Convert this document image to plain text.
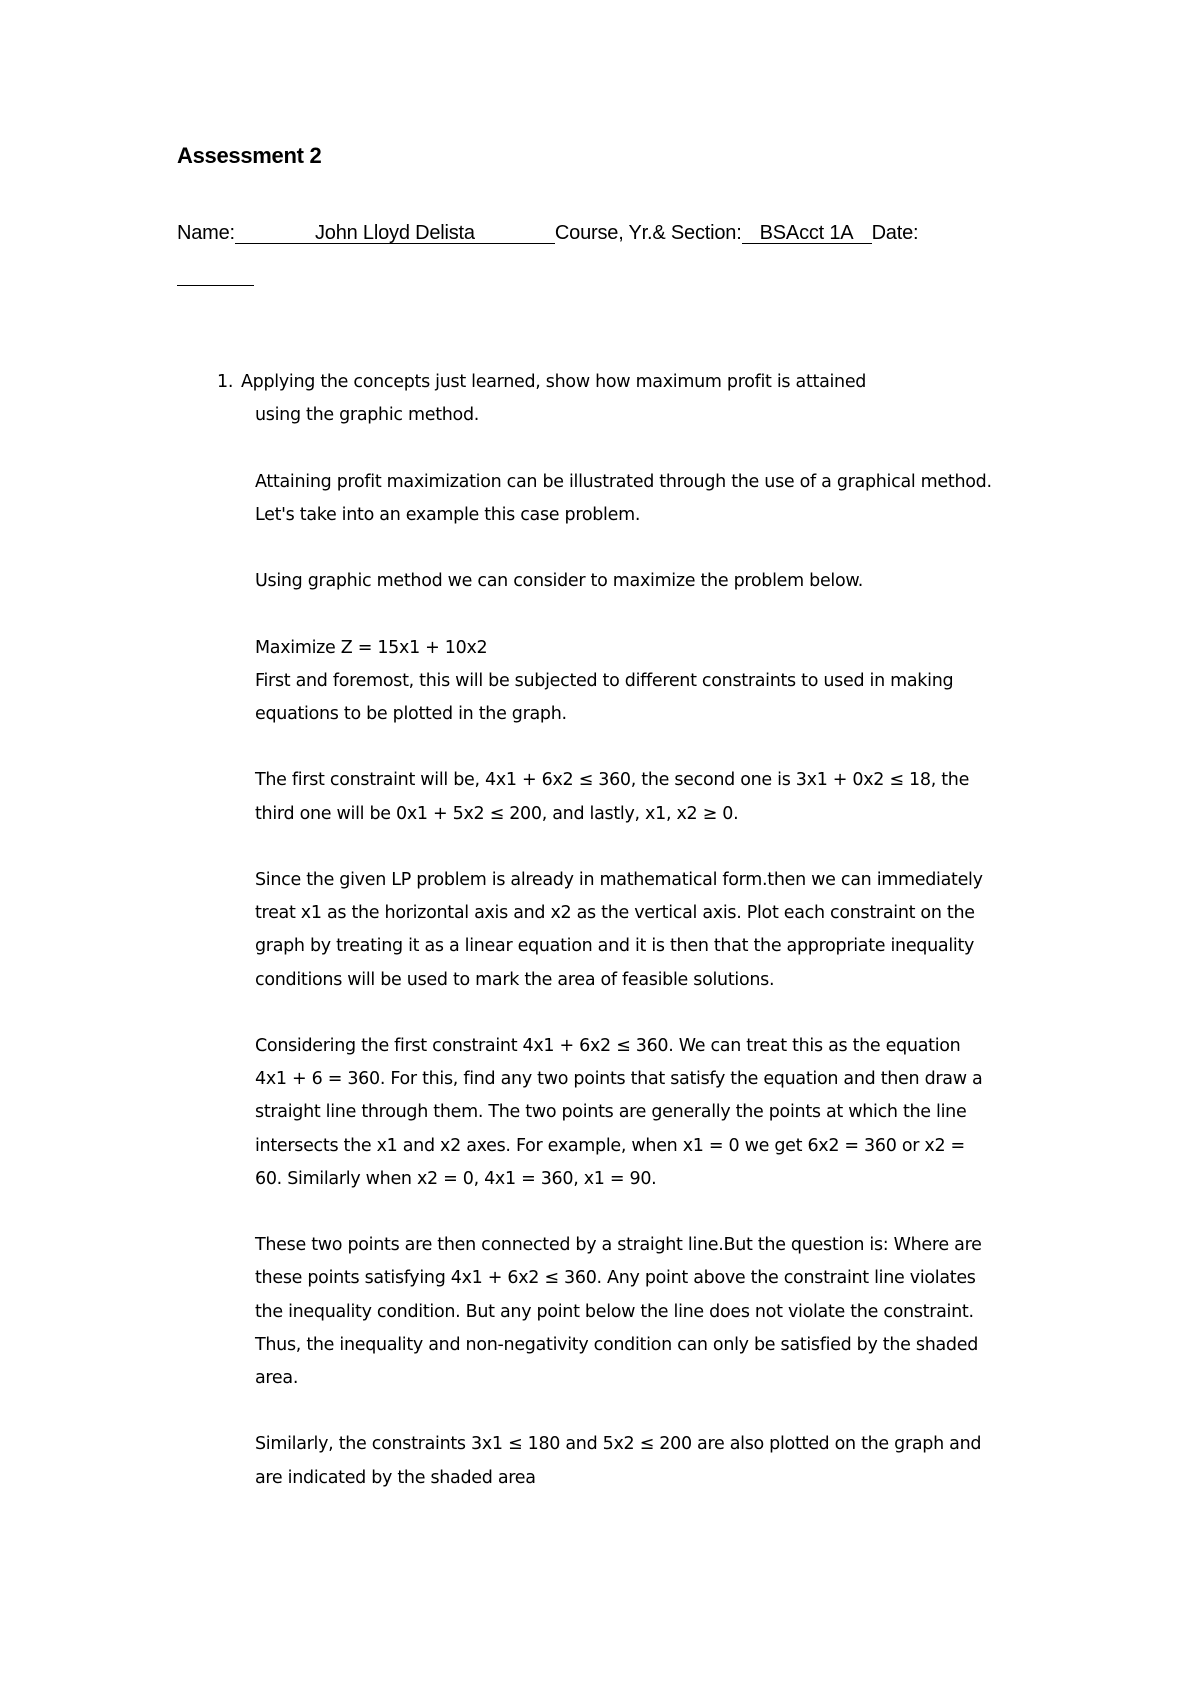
Assessment 2
Name:	John Lloyd Delista	Course, Yr.& Section: BSAcct 1A Date:
1. Applying the concepts just learned, show how maximum profit is attained
using the graphic method.
Attaining profit maximization can be illustrated through the use of a graphical method. Let's take into an example this case problem.
Using graphic method we can consider to maximize the problem below.
Maximize Z = 15x1 + 10x2
First and foremost, this will be subjected to different constraints to used in making equations to be plotted in the graph.
The first constraint will be, 4x1 + 6x2 ≤ 360, the second one is 3x1 + 0x2 ≤ 18, the third one will be 0x1 + 5x2 ≤ 200, and lastly, x1, x2 ≥ 0.
Since the given LP problem is already in mathematical form.then we can immediately treat x1 as the horizontal axis and x2 as the vertical axis. Plot each constraint on the graph by treating it as a linear equation and it is then that the appropriate inequality conditions will be used to mark the area of feasible solutions.
Considering the first constraint 4x1 + 6x2 ≤ 360. We can treat this as the equation 4x1 + 6 = 360. For this, find any two points that satisfy the equation and then draw a straight line through them. The two points are generally the points at which the line intersects the x1 and x2 axes. For example, when x1 = 0 we get 6x2 = 360 or x2 = 60. Similarly when x2 = 0, 4x1 = 360, x1 = 90.
These two points are then connected by a straight line.But the question is: Where are these points satisfying 4x1 + 6x2 ≤ 360. Any point above the constraint line violates the inequality condition. But any point below the line does not violate the constraint. Thus, the inequality and non-negativity condition can only be satisfied by the shaded area.
Similarly, the constraints 3x1 ≤ 180 and 5x2 ≤ 200 are also plotted on the graph and are indicated by the shaded area
